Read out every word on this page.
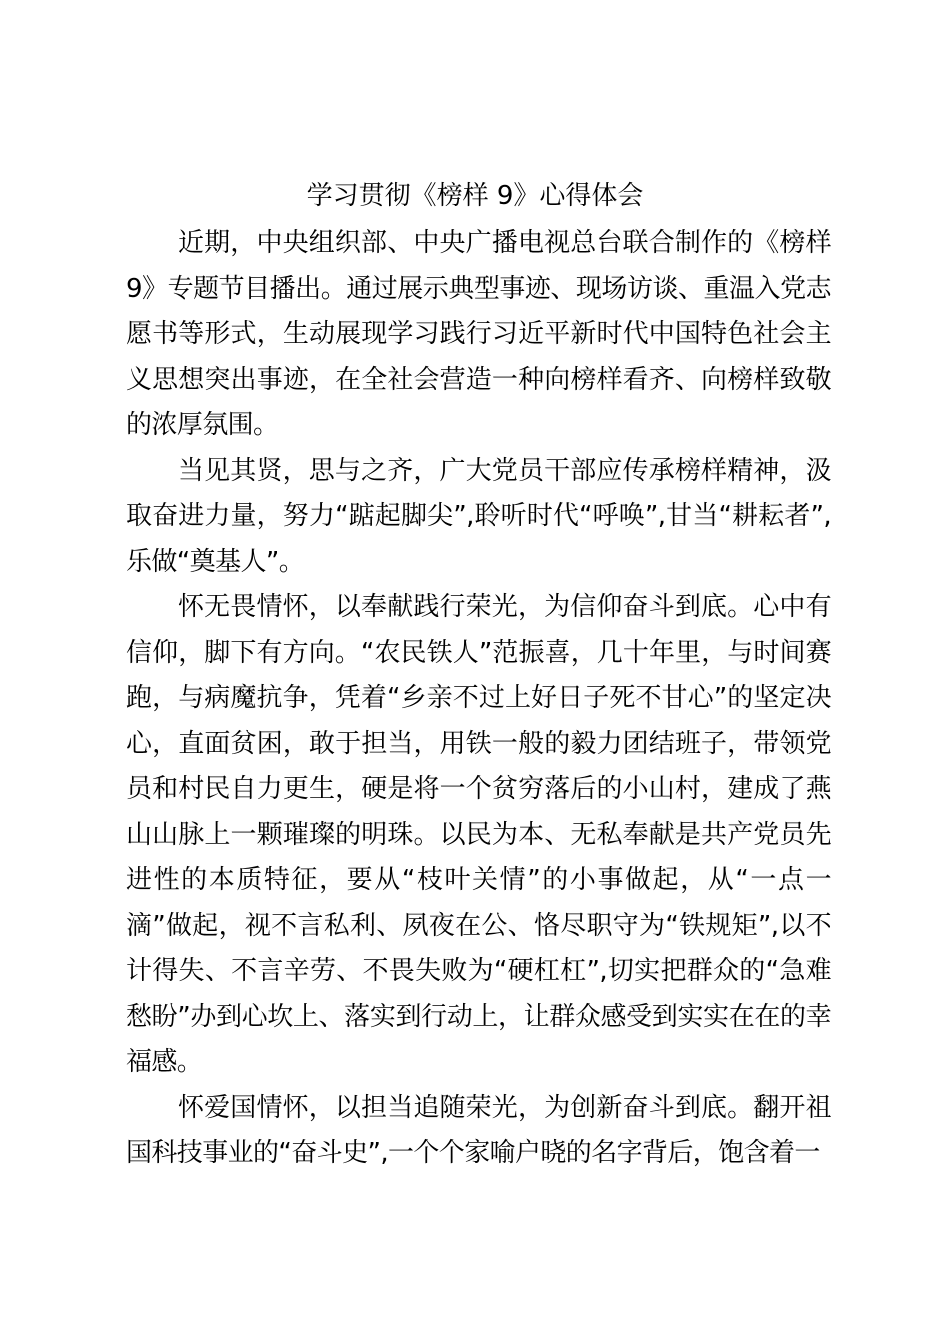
学习贯彻《榜样 9》心得体会

近期，中央组织部、中央广播电视总台联合制作的《榜样9》专题节目播出。通过展示典型事迹、现场访谈、重温入党志愿书等形式，生动展现学习践行习近平新时代中国特色社会主义思想突出事迹，在全社会营造一种向榜样看齐、向榜样致敬的浓厚氛围。

当见其贤，思与之齐，广大党员干部应传承榜样精神，汲取奋进力量，努力“踮起脚尖”,聆听时代“呼唤”,甘当“耕耘者”,乐做“奠基人”。

怀无畏情怀，以奉献践行荣光，为信仰奋斗到底。心中有信仰，脚下有方向。“农民铁人”范振喜，几十年里，与时间赛跑，与病魔抗争，凭着“乡亲不过上好日子死不甘心”的坚定决心，直面贫困，敢于担当，用铁一般的毅力团结班子，带领党员和村民自力更生，硬是将一个贫穷落后的小山村，建成了燕山山脉上一颗璀璨的明珠。以民为本、无私奉献是共产党员先进性的本质特征，要从“枝叶关情”的小事做起，从“一点一滴”做起，视不言私利、夙夜在公、恪尽职守为“铁规矩”,以不计得失、不言辛劳、不畏失败为“硬杠杠”,切实把群众的“急难愁盼”办到心坎上、落实到行动上，让群众感受到实实在在的幸福感。

怀爱国情怀，以担当追随荣光，为创新奋斗到底。翻开祖国科技事业的“奋斗史”,一个个家喻户晓的名字背后，饱含着一
